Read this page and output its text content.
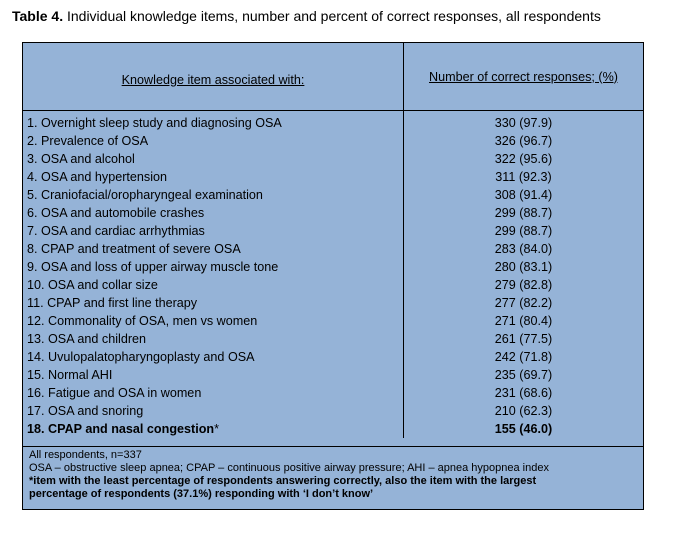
Table 4. Individual knowledge items, number and percent of correct responses, all respondents
Knowledge item associated with:	Number of correct responses; (%)
1. Overnight sleep study and diagnosing OSA	330 (97.9)
2. Prevalence of OSA	326 (96.7)
3. OSA and alcohol	322 (95.6)
4. OSA and hypertension	311 (92.3)
5. Craniofacial/oropharyngeal examination	308 (91.4)
6. OSA and automobile crashes	299 (88.7)
7. OSA and cardiac arrhythmias	299 (88.7)
8. CPAP and treatment of severe OSA	283 (84.0)
9. OSA and loss of upper airway muscle tone	280 (83.1)
10. OSA and collar size	279 (82.8)
11. CPAP and first line therapy	277 (82.2)
12. Commonality of OSA, men vs women	271 (80.4)
13. OSA and children	261 (77.5)
14. Uvulopalatopharyngoplasty and OSA	242 (71.8)
15. Normal AHI	235 (69.7)
16. Fatigue and OSA in women	231 (68.6)
17. OSA and snoring	210 (62.3)
18. CPAP and nasal congestion*	155 (46.0)

All respondents, n=337
OSA – obstructive sleep apnea; CPAP – continuous positive airway pressure; AHI – apnea hypopnea index
*item with the least percentage of respondents answering correctly, also the item with the largest
percentage of respondents (37.1%) responding with ‘I don’t know’	
